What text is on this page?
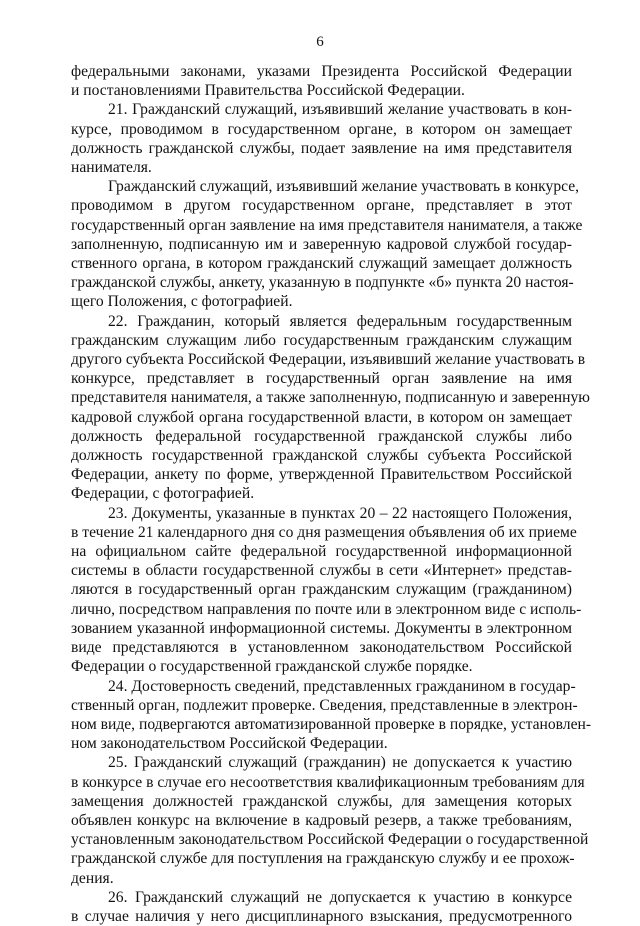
6
федеральными законами, указами Президента Российской Федерации
и постановлениями Правительства Российской Федерации.
21. Гражданский служащий, изъявивший желание участвовать в кон-
курсе, проводимом в государственном органе, в котором он замещает
должность гражданской службы, подает заявление на имя представителя
нанимателя.
Гражданский служащий, изъявивший желание участвовать в конкурсе,
проводимом в другом государственном органе, представляет в этот
государственный орган заявление на имя представителя нанимателя, а также
заполненную, подписанную им и заверенную кадровой службой государ-
ственного органа, в котором гражданский служащий замещает должность
гражданской службы, анкету, указанную в подпункте «б» пункта 20 настоя-
щего Положения, с фотографией.
22. Гражданин, который является федеральным государственным
гражданским служащим либо государственным гражданским служащим
другого субъекта Российской Федерации, изъявивший желание участвовать в
конкурсе, представляет в государственный орган заявление на имя
представителя нанимателя, а также заполненную, подписанную и заверенную
кадровой службой органа государственной власти, в котором он замещает
должность федеральной государственной гражданской службы либо
должность государственной гражданской службы субъекта Российской
Федерации, анкету по форме, утвержденной Правительством Российской
Федерации, с фотографией.
23. Документы, указанные в пунктах 20 – 22 настоящего Положения,
в течение 21 календарного дня со дня размещения объявления об их приеме
на официальном сайте федеральной государственной информационной
системы в области государственной службы в сети «Интернет» представ-
ляются в государственный орган гражданским служащим (гражданином)
лично, посредством направления по почте или в электронном виде с исполь-
зованием указанной информационной системы. Документы в электронном
виде представляются в установленном законодательством Российской
Федерации о государственной гражданской службе порядке.
24. Достоверность сведений, представленных гражданином в государ-
ственный орган, подлежит проверке. Сведения, представленные в электрон-
ном виде, подвергаются автоматизированной проверке в порядке, установлен-
ном законодательством Российской Федерации.
25. Гражданский служащий (гражданин) не допускается к участию
в конкурсе в случае его несоответствия квалификационным требованиям для
замещения должностей гражданской службы, для замещения которых
объявлен конкурс на включение в кадровый резерв, а также требованиям,
установленным законодательством Российской Федерации о государственной
гражданской службе для поступления на гражданскую службу и ее прохож-
дения.
26. Гражданский служащий не допускается к участию в конкурсе
в случае наличия у него дисциплинарного взыскания, предусмотренного
